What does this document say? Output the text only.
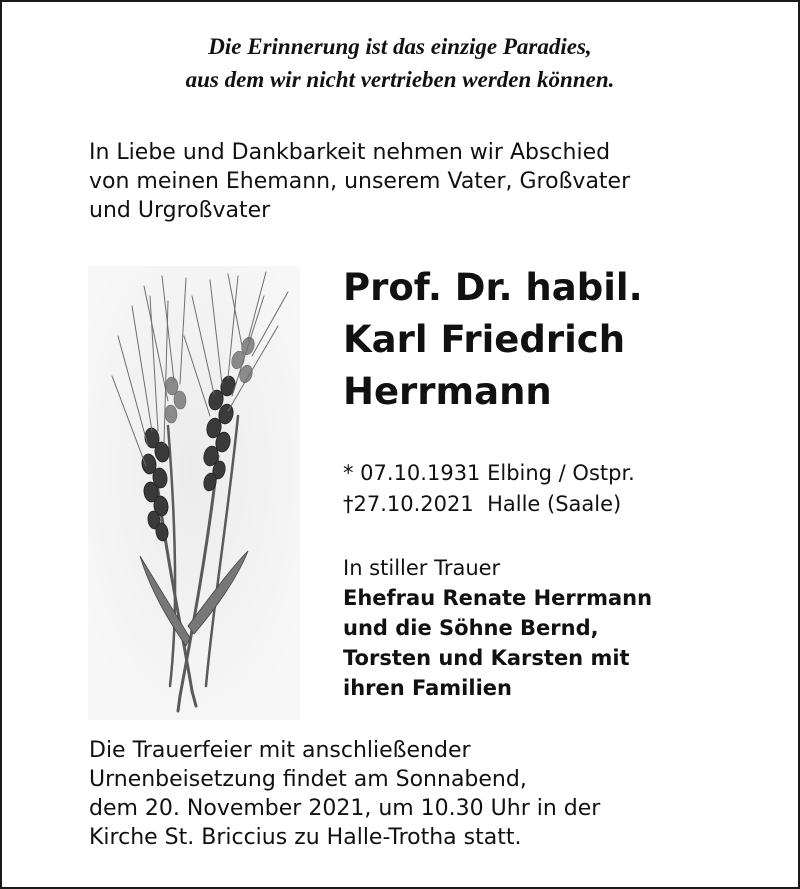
Die Erinnerung ist das einzige Paradies,
aus dem wir nicht vertrieben werden können.
In Liebe und Dankbarkeit nehmen wir Abschied
von meinen Ehemann, unserem Vater, Großvater
und Urgroßvater
Prof. Dr. habil.
Karl Friedrich
Herrmann
* 07.10.1931 Elbing / Ostpr.
†27.10.2021  Halle (Saale)
In stiller Trauer
Ehefrau Renate Herrmann
und die Söhne Bernd,
Torsten und Karsten mit
ihren Familien
Die Trauerfeier mit anschließender
Urnenbeisetzung findet am Sonnabend,
dem 20. November 2021, um 10.30 Uhr in der
Kirche St. Briccius zu Halle-Trotha statt.
